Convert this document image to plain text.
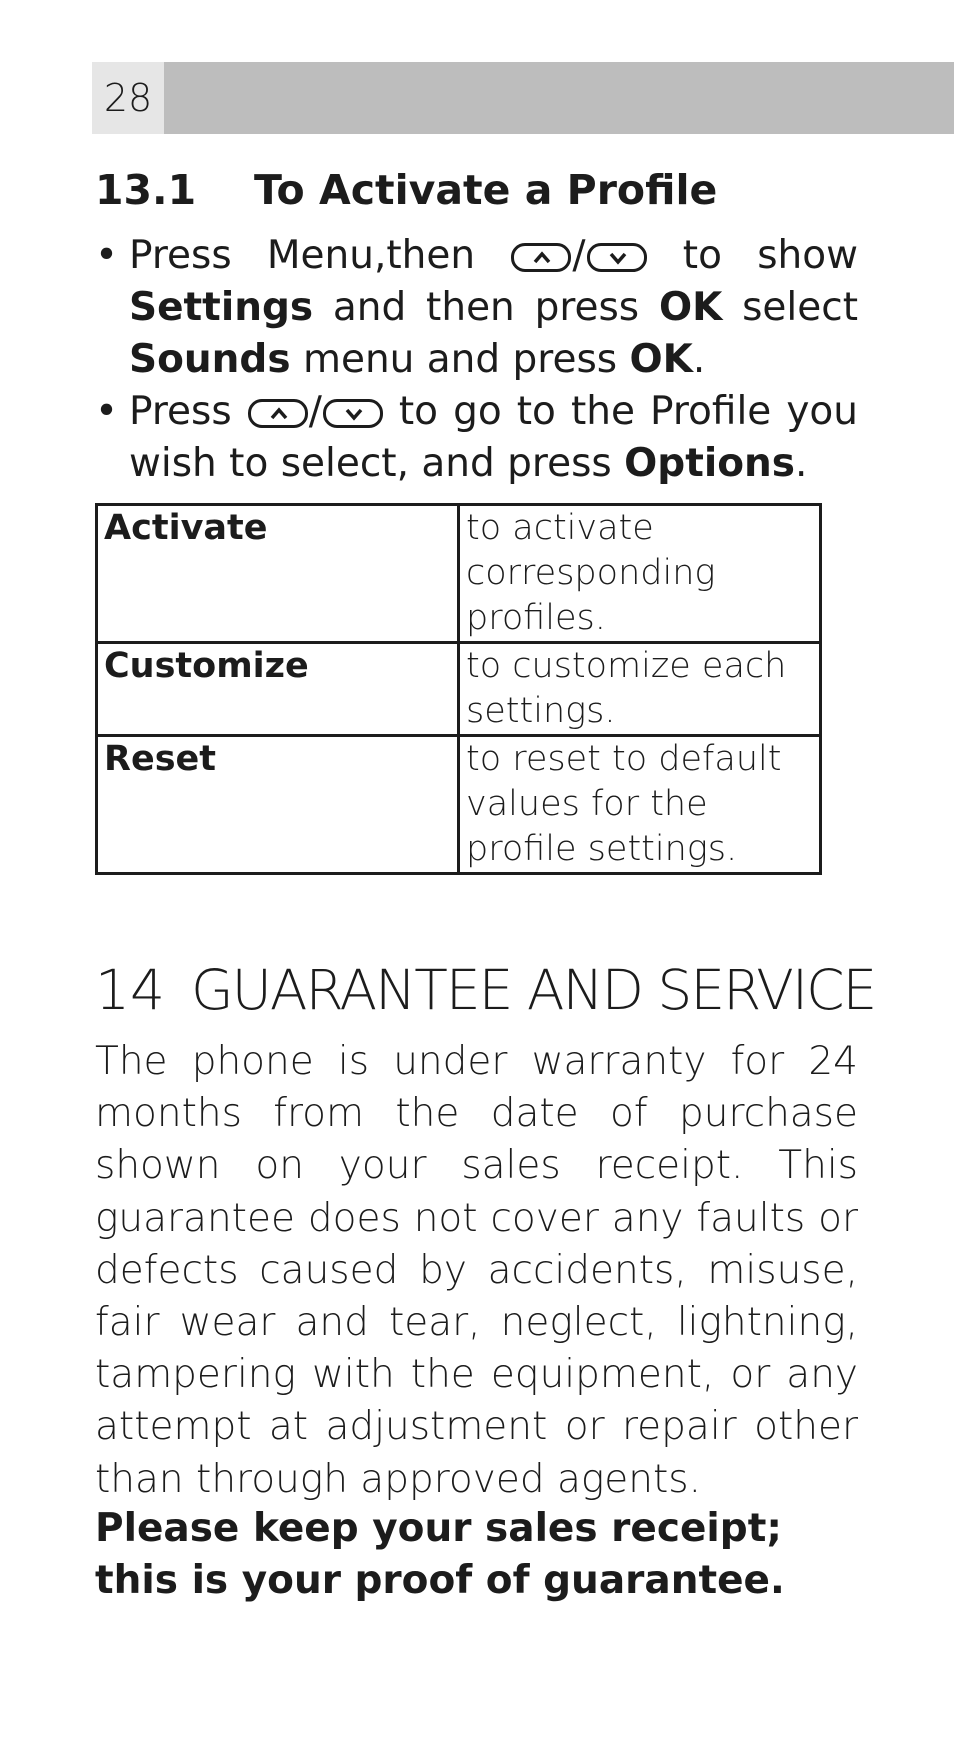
28
13.1 To Activate a Profile
• Press Menu,then / to show
Settings and then press OK select
Sounds menu and press OK.
• Press / to go to the Profile you wish to select, and press Options.
Activate	to activate corresponding profiles.
Customize	to customize each settings.
Reset	to reset to default values for the profile settings.
14 GUARANTEE AND SERVICE
The phone is under warranty for 24
months from the date of purchase
shown on your sales receipt. This
guarantee does not cover any faults or
defects caused by accidents, misuse,
fair wear and tear, neglect, lightning,
tampering with the equipment, or any
attempt at adjustment or repair other
than through approved agents.
Please keep your sales receipt; this is your proof of guarantee.
